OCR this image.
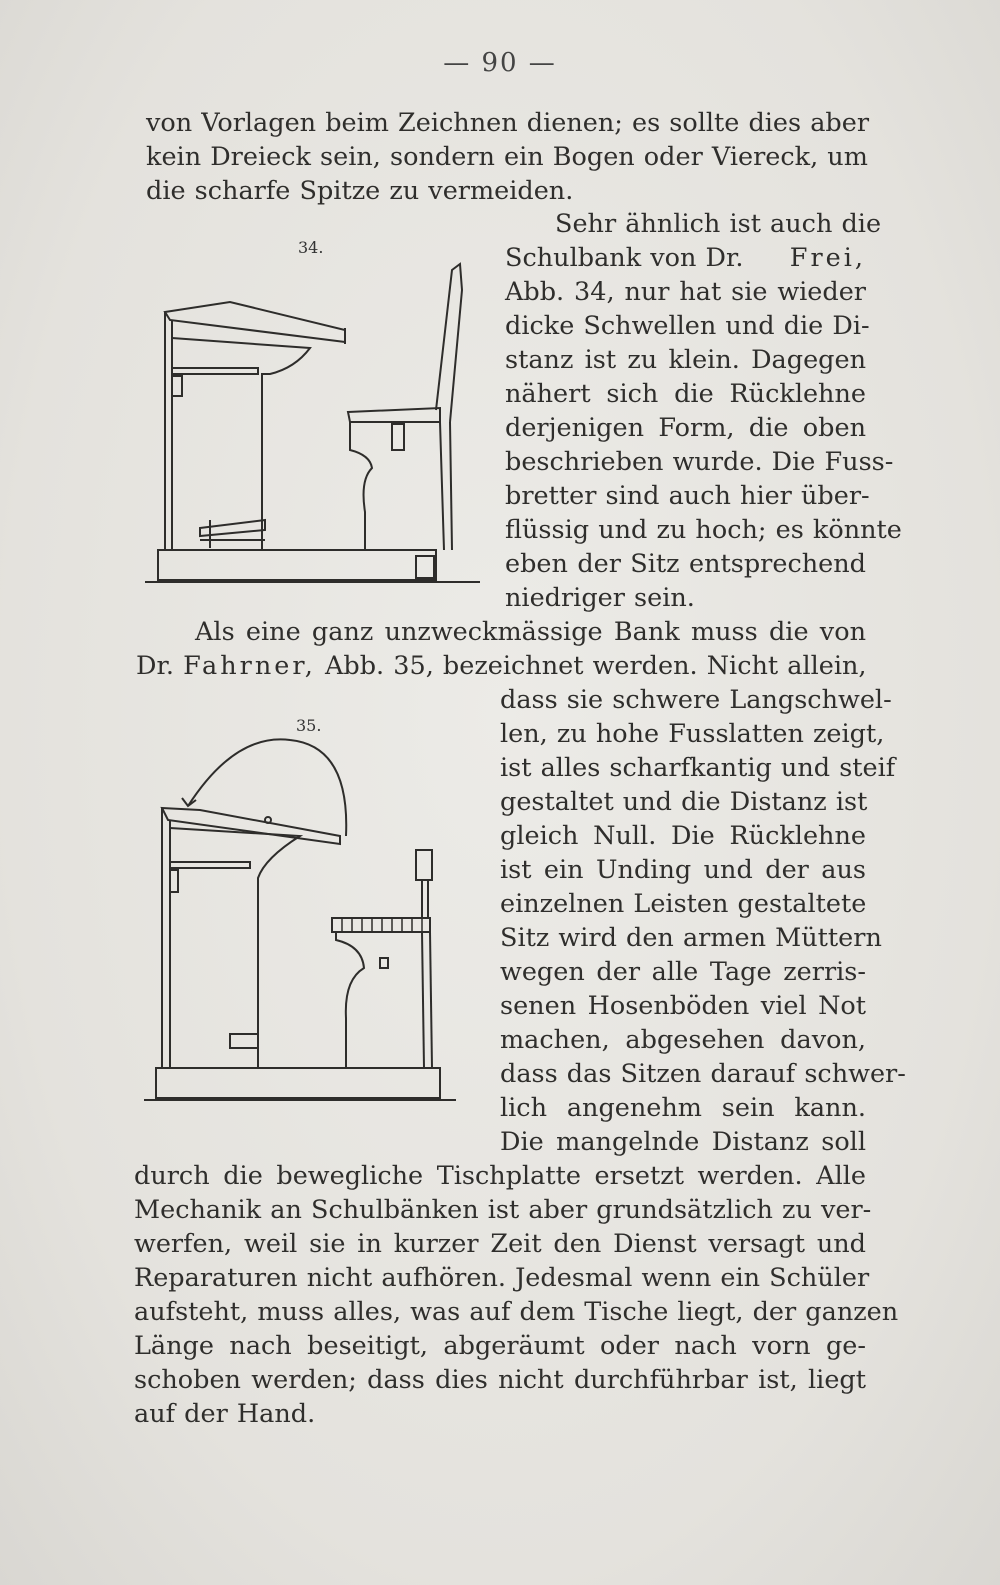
— 90 —
von Vorlagen beim Zeichnen dienen; es sollte dies aber
kein Dreieck sein, sondern ein Bogen oder Viereck, um
die scharfe Spitze zu vermeiden.
34.
Sehr ähnlich ist auch die
Schulbank von Dr. Frei,
Abb. 34, nur hat sie wieder
dicke Schwellen und die Di-
stanz ist zu klein. Dagegen
nähert sich die Rücklehne
derjenigen Form, die oben
beschrieben wurde. Die Fuss-
bretter sind auch hier über-
flüssig und zu hoch; es könnte
eben der Sitz entsprechend
niedriger sein.
Als eine ganz unzweckmässige Bank muss die von
Dr. Fahrner, Abb. 35, bezeichnet werden. Nicht allein,
35.
dass sie schwere Langschwel-
len, zu hohe Fusslatten zeigt,
ist alles scharfkantig und steif
gestaltet und die Distanz ist
gleich Null. Die Rücklehne
ist ein Unding und der aus
einzelnen Leisten gestaltete
Sitz wird den armen Müttern
wegen der alle Tage zerris-
senen Hosenböden viel Not
machen, abgesehen davon,
dass das Sitzen darauf schwer-
lich angenehm sein kann.
Die mangelnde Distanz soll
durch die bewegliche Tischplatte ersetzt werden. Alle
Mechanik an Schulbänken ist aber grundsätzlich zu ver-
werfen, weil sie in kurzer Zeit den Dienst versagt und
Reparaturen nicht aufhören. Jedesmal wenn ein Schüler
aufsteht, muss alles, was auf dem Tische liegt, der ganzen
Länge nach beseitigt, abgeräumt oder nach vorn ge-
schoben werden; dass dies nicht durchführbar ist, liegt
auf der Hand.
